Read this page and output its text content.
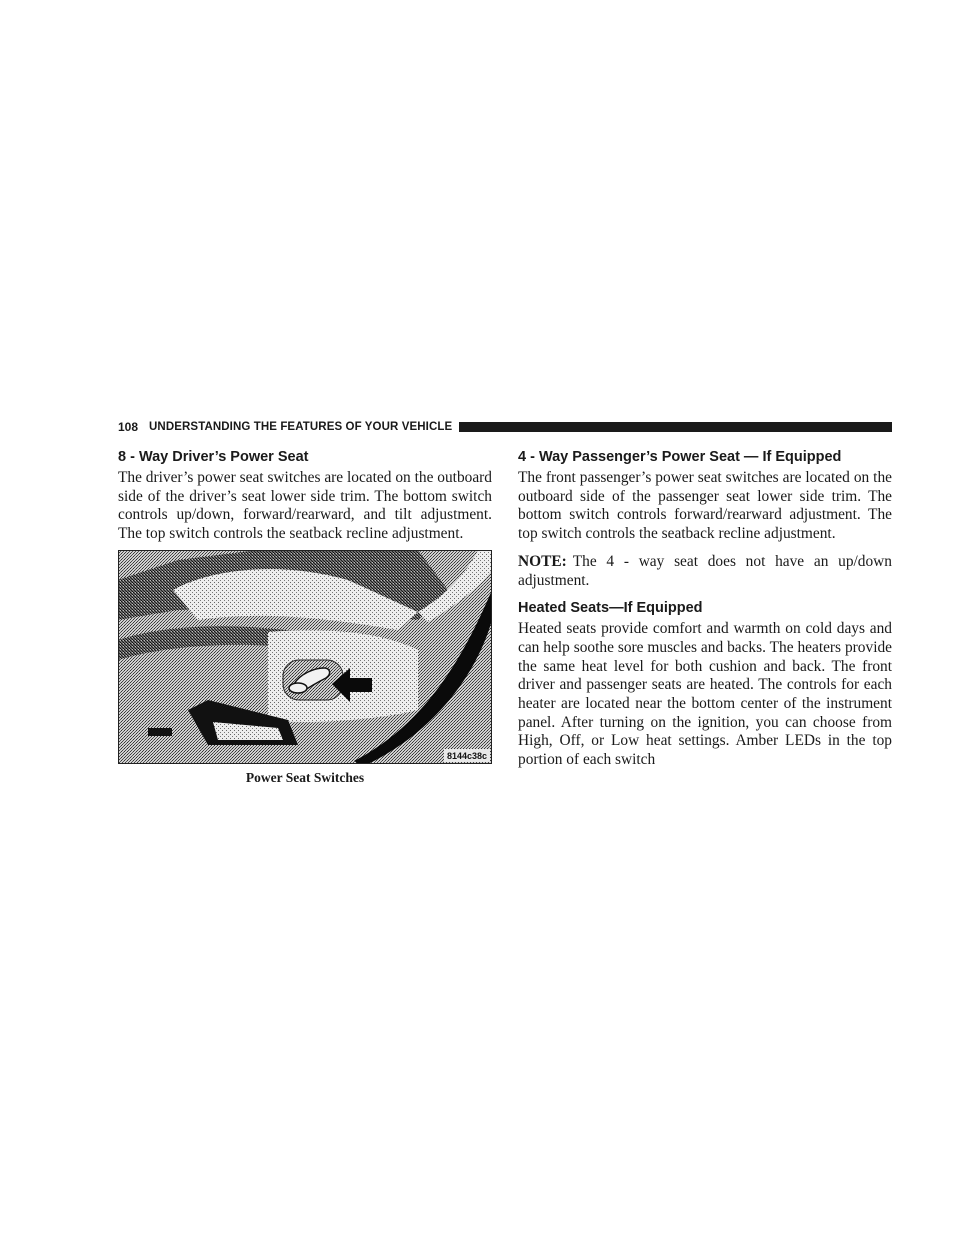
108 UNDERSTANDING THE FEATURES OF YOUR VEHICLE
8 - Way Driver’s Power Seat

The driver’s power seat switches are located on the outboard side of the driver’s seat lower side trim. The bottom switch controls up/down, forward/rearward, and tilt adjustment. The top switch controls the seatback recline adjustment.

8144c38c
Power Seat Switches
4 - Way Passenger’s Power Seat — If Equipped

The front passenger’s power seat switches are located on the outboard side of the passenger seat lower side trim. The bottom switch controls forward/rearward adjustment. The top switch controls the seatback recline adjustment.

NOTE: The 4 - way seat does not have an up/down adjustment.

Heated Seats—If Equipped

Heated seats provide comfort and warmth on cold days and can help soothe sore muscles and backs. The heaters provide the same heat level for both cushion and back. The front driver and passenger seats are heated. The controls for each heater are located near the bottom center of the instrument panel. After turning on the ignition, you can choose from High, Off, or Low heat settings. Amber LEDs in the top portion of each switch
